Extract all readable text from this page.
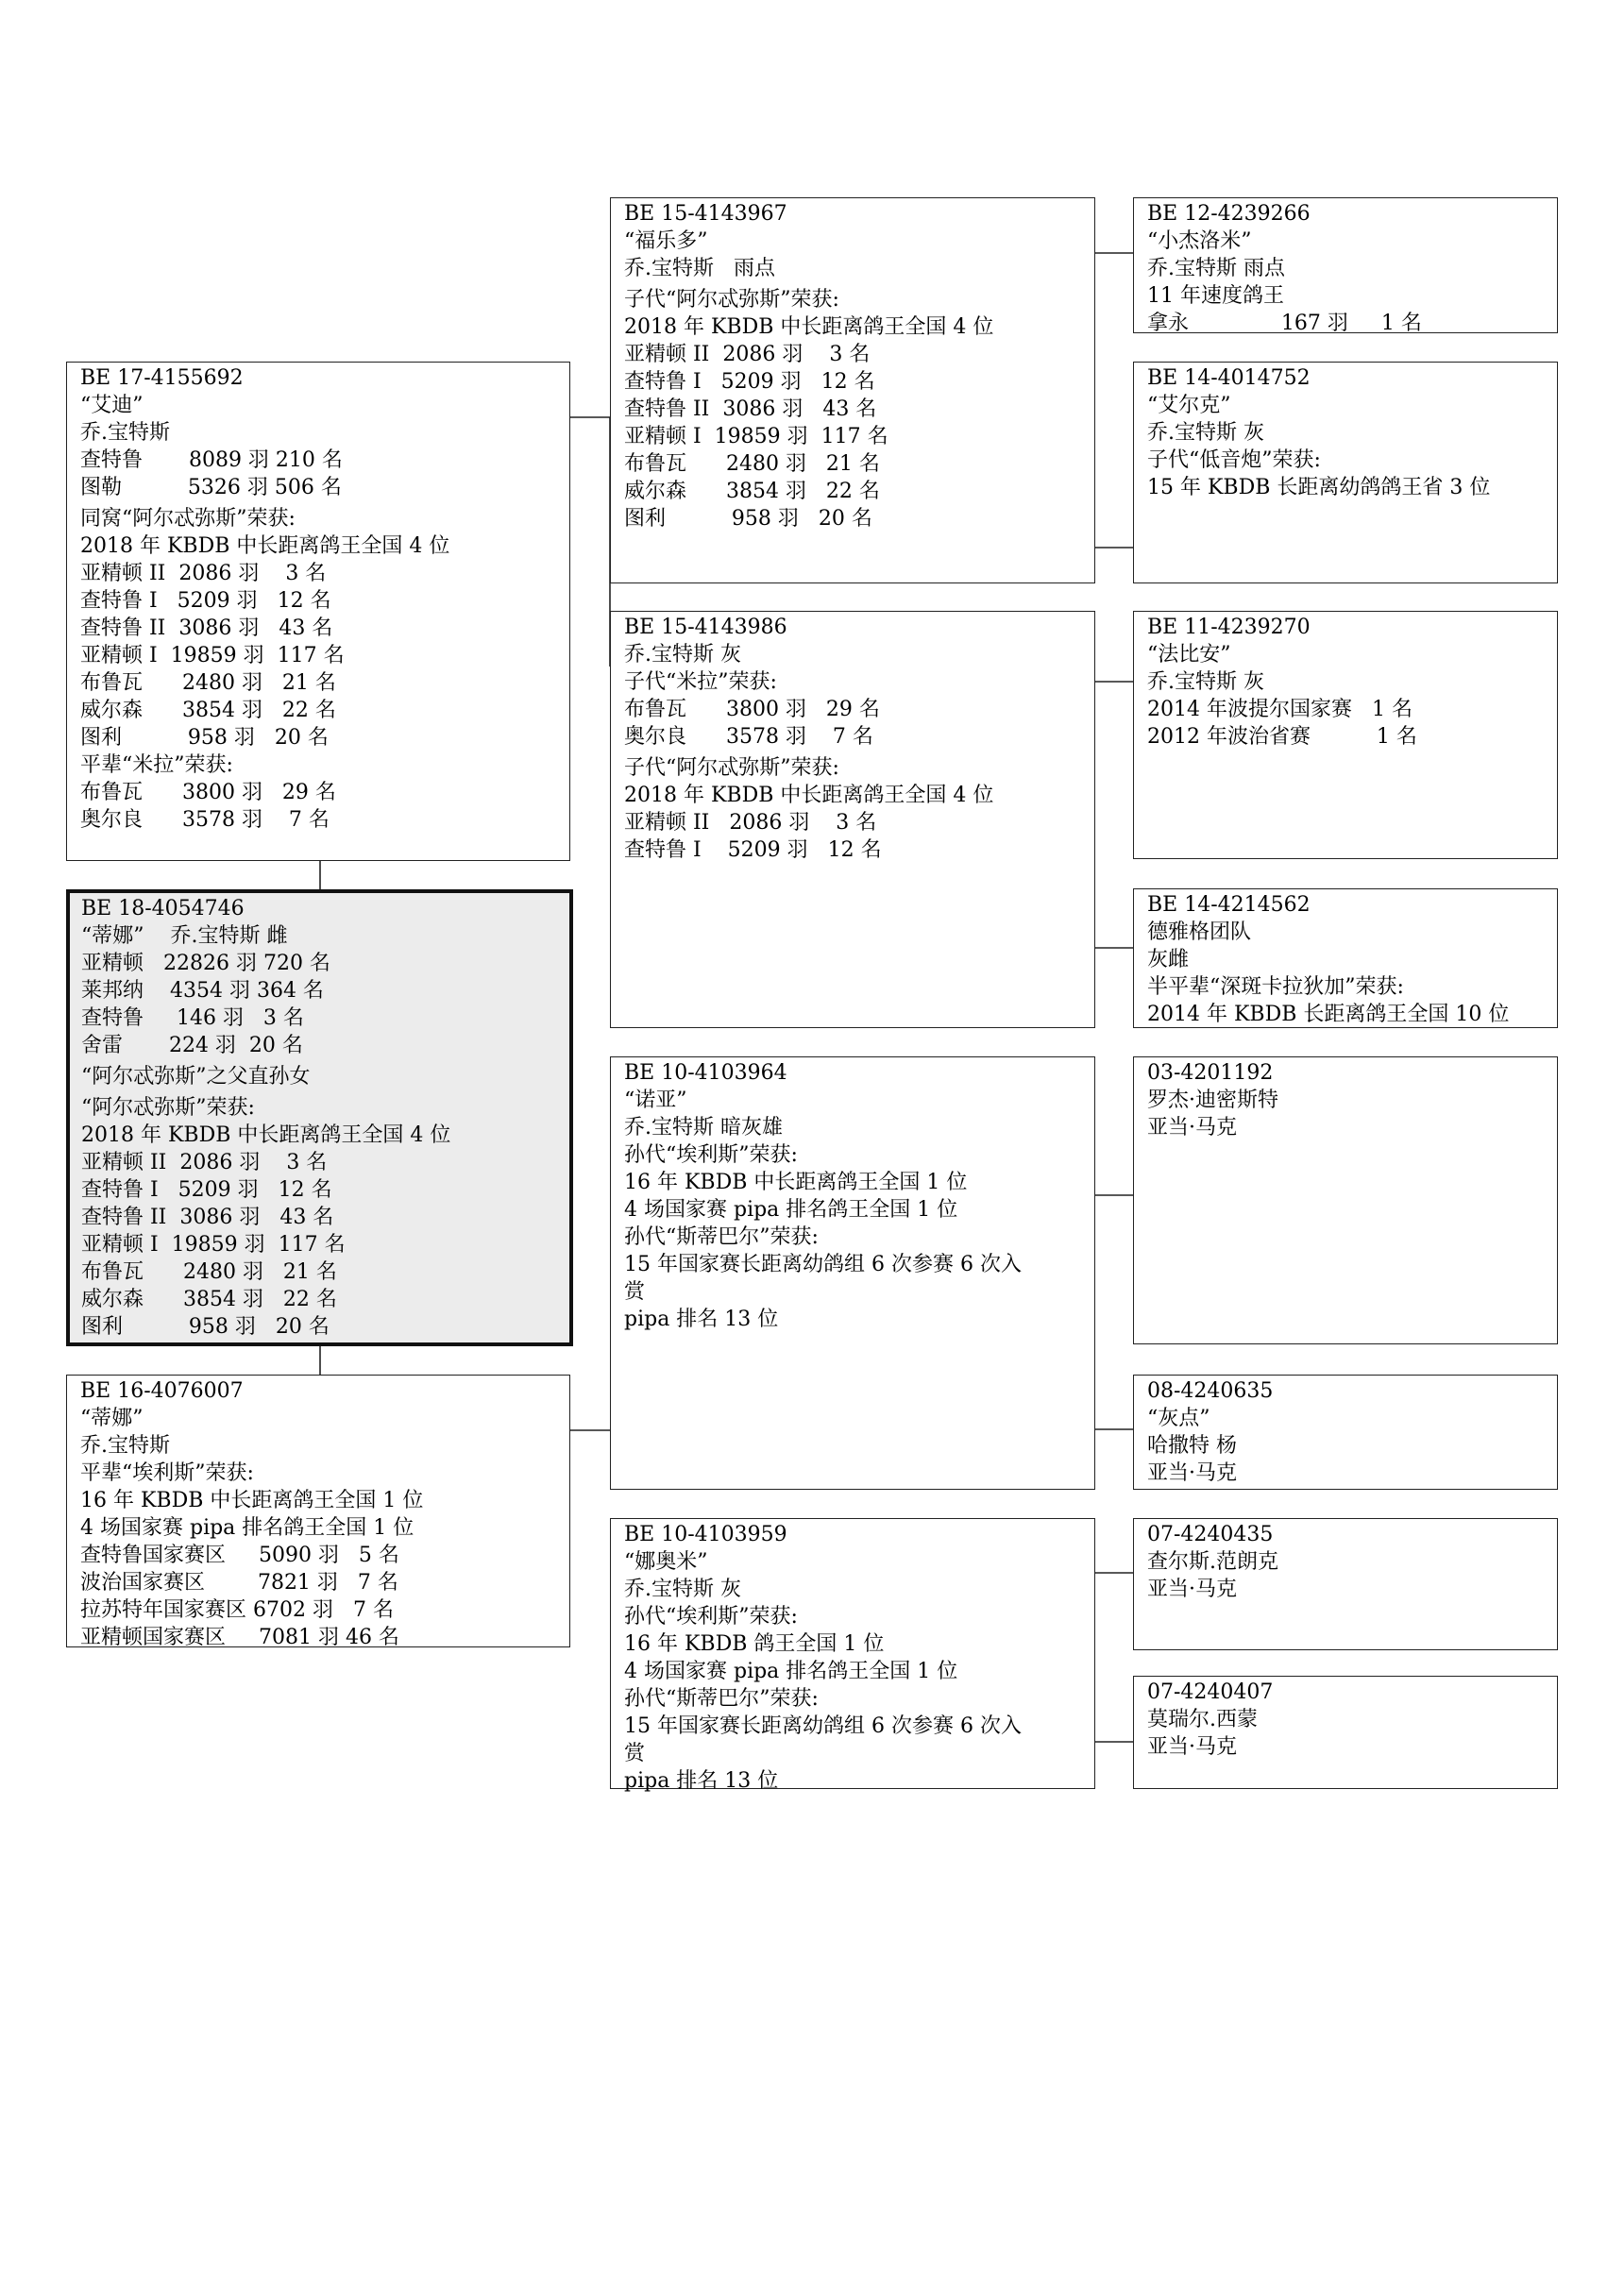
BE 18-4054746
“蒂娜”    乔.宝特斯 雌
亚精顿   22826 羽 720 名
莱邦纳    4354 羽 364 名
查特鲁     146 羽   3 名
舍雷       224 羽  20 名
“阿尔忒弥斯”之父直孙女
“阿尔忒弥斯”荣获:
2018 年 KBDB 中长距离鸽王全国 4 位
亚精顿 II  2086 羽    3 名
查特鲁 I   5209 羽   12 名
查特鲁 II  3086 羽   43 名
亚精顿 I  19859 羽  117 名
布鲁瓦      2480 羽   21 名
威尔森      3854 羽   22 名
图利          958 羽   20 名
BE 17-4155692
“艾迪”
乔.宝特斯
查特鲁       8089 羽 210 名
图勒          5326 羽 506 名
同窝“阿尔忒弥斯”荣获:
2018 年 KBDB 中长距离鸽王全国 4 位
亚精顿 II  2086 羽    3 名
查特鲁 I   5209 羽   12 名
查特鲁 II  3086 羽   43 名
亚精顿 I  19859 羽  117 名
布鲁瓦      2480 羽   21 名
威尔森      3854 羽   22 名
图利          958 羽   20 名
平辈“米拉”荣获:
布鲁瓦      3800 羽   29 名
奥尔良      3578 羽    7 名
BE 16-4076007
“蒂娜”
乔.宝特斯
平辈“埃利斯”荣获:
16 年 KBDB 中长距离鸽王全国 1 位
4 场国家赛 pipa 排名鸽王全国 1 位
查特鲁国家赛区     5090 羽   5 名
波治国家赛区        7821 羽   7 名
拉苏特年国家赛区 6702 羽   7 名
亚精顿国家赛区     7081 羽 46 名
BE 15-4143967
“福乐多”
乔.宝特斯   雨点
子代“阿尔忒弥斯”荣获:
2018 年 KBDB 中长距离鸽王全国 4 位
亚精顿 II  2086 羽    3 名
查特鲁 I   5209 羽   12 名
查特鲁 II  3086 羽   43 名
亚精顿 I  19859 羽  117 名
布鲁瓦      2480 羽   21 名
威尔森      3854 羽   22 名
图利          958 羽   20 名
BE 15-4143986
乔.宝特斯 灰
子代“米拉”荣获:
布鲁瓦      3800 羽   29 名
奥尔良      3578 羽    7 名
子代“阿尔忒弥斯”荣获:
2018 年 KBDB 中长距离鸽王全国 4 位
亚精顿 II   2086 羽    3 名
查特鲁 I    5209 羽   12 名
BE 10-4103964
“诺亚”
乔.宝特斯 暗灰雄
孙代“埃利斯”荣获:
16 年 KBDB 中长距离鸽王全国 1 位
4 场国家赛 pipa 排名鸽王全国 1 位
孙代“斯蒂巴尔”荣获:
15 年国家赛长距离幼鸽组 6 次参赛 6 次入
赏
pipa 排名 13 位
BE 10-4103959
“娜奥米”
乔.宝特斯 灰
孙代“埃利斯”荣获:
16 年 KBDB 鸽王全国 1 位
4 场国家赛 pipa 排名鸽王全国 1 位
孙代“斯蒂巴尔”荣获:
15 年国家赛长距离幼鸽组 6 次参赛 6 次入
赏
pipa 排名 13 位
BE 12-4239266
“小杰洛米”
乔.宝特斯 雨点
11 年速度鸽王
拿永              167 羽     1 名
BE 14-4014752
“艾尔克”
乔.宝特斯 灰
子代“低音炮”荣获:
15 年 KBDB 长距离幼鸽鸽王省 3 位
BE 11-4239270
“法比安”
乔.宝特斯 灰
2014 年波提尔国家赛   1 名
2012 年波治省赛          1 名
BE 14-4214562
德雅格团队
灰雌
半平辈“深斑卡拉狄加”荣获:
2014 年 KBDB 长距离鸽王全国 10 位
03-4201192
罗杰·迪密斯特
亚当·马克
08-4240635
“灰点”
哈撒特 杨
亚当·马克
07-4240435
查尔斯.范朗克
亚当·马克
07-4240407
莫瑞尔.西蒙
亚当·马克
